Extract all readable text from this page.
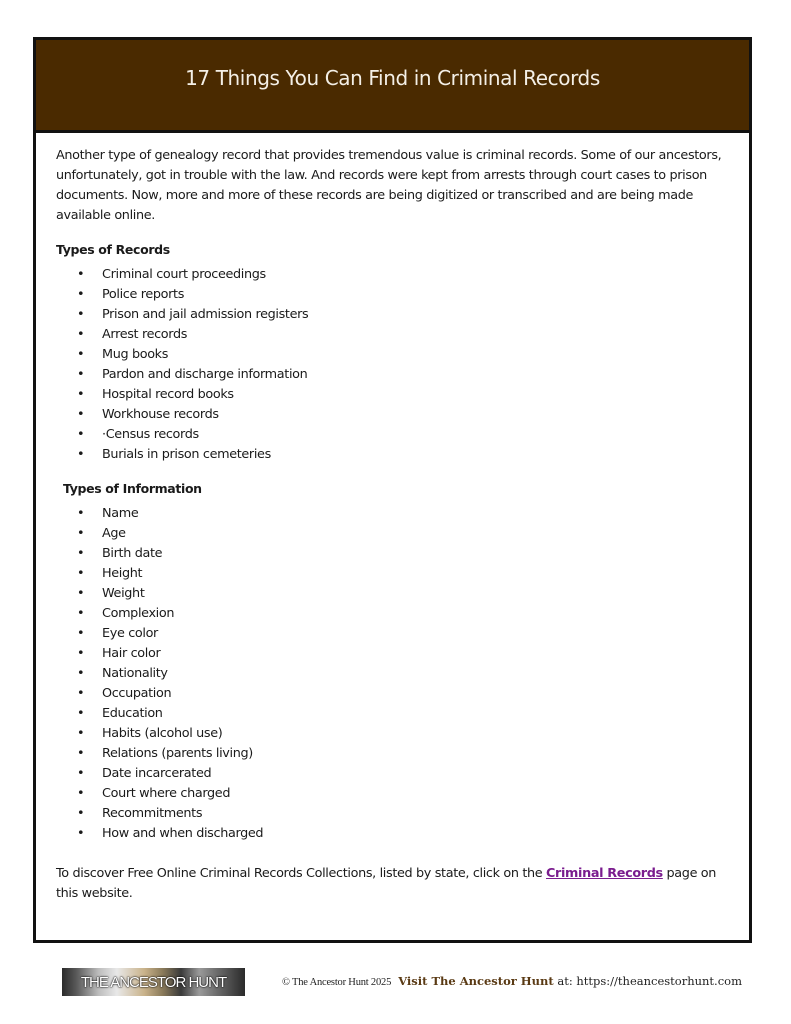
17 Things You Can Find in Criminal Records

Another type of genealogy record that provides tremendous value is criminal records. Some of our ancestors, unfortunately, got in trouble with the law. And records were kept from arrests through court cases to prison documents. Now, more and more of these records are being digitized or transcribed and are being made available online.

Types of Records
• Criminal court proceedings
• Police reports
• Prison and jail admission registers
• Arrest records
• Mug books
• Pardon and discharge information
• Hospital record books
• Workhouse records
• ·Census records
• Burials in prison cemeteries
Types of Information
• Name
• Age
• Birth date
• Height
• Weight
• Complexion
• Eye color
• Hair color
• Nationality
• Occupation
• Education
• Habits (alcohol use)
• Relations (parents living)
• Date incarcerated
• Court where charged
• Recommitments
• How and when discharged

To discover Free Online Criminal Records Collections, listed by state, click on the Criminal Records page on this website.

THE ANCESTOR HUNT	© The Ancestor Hunt 2025 Visit The Ancestor Hunt at: https://theancestorhunt.com
